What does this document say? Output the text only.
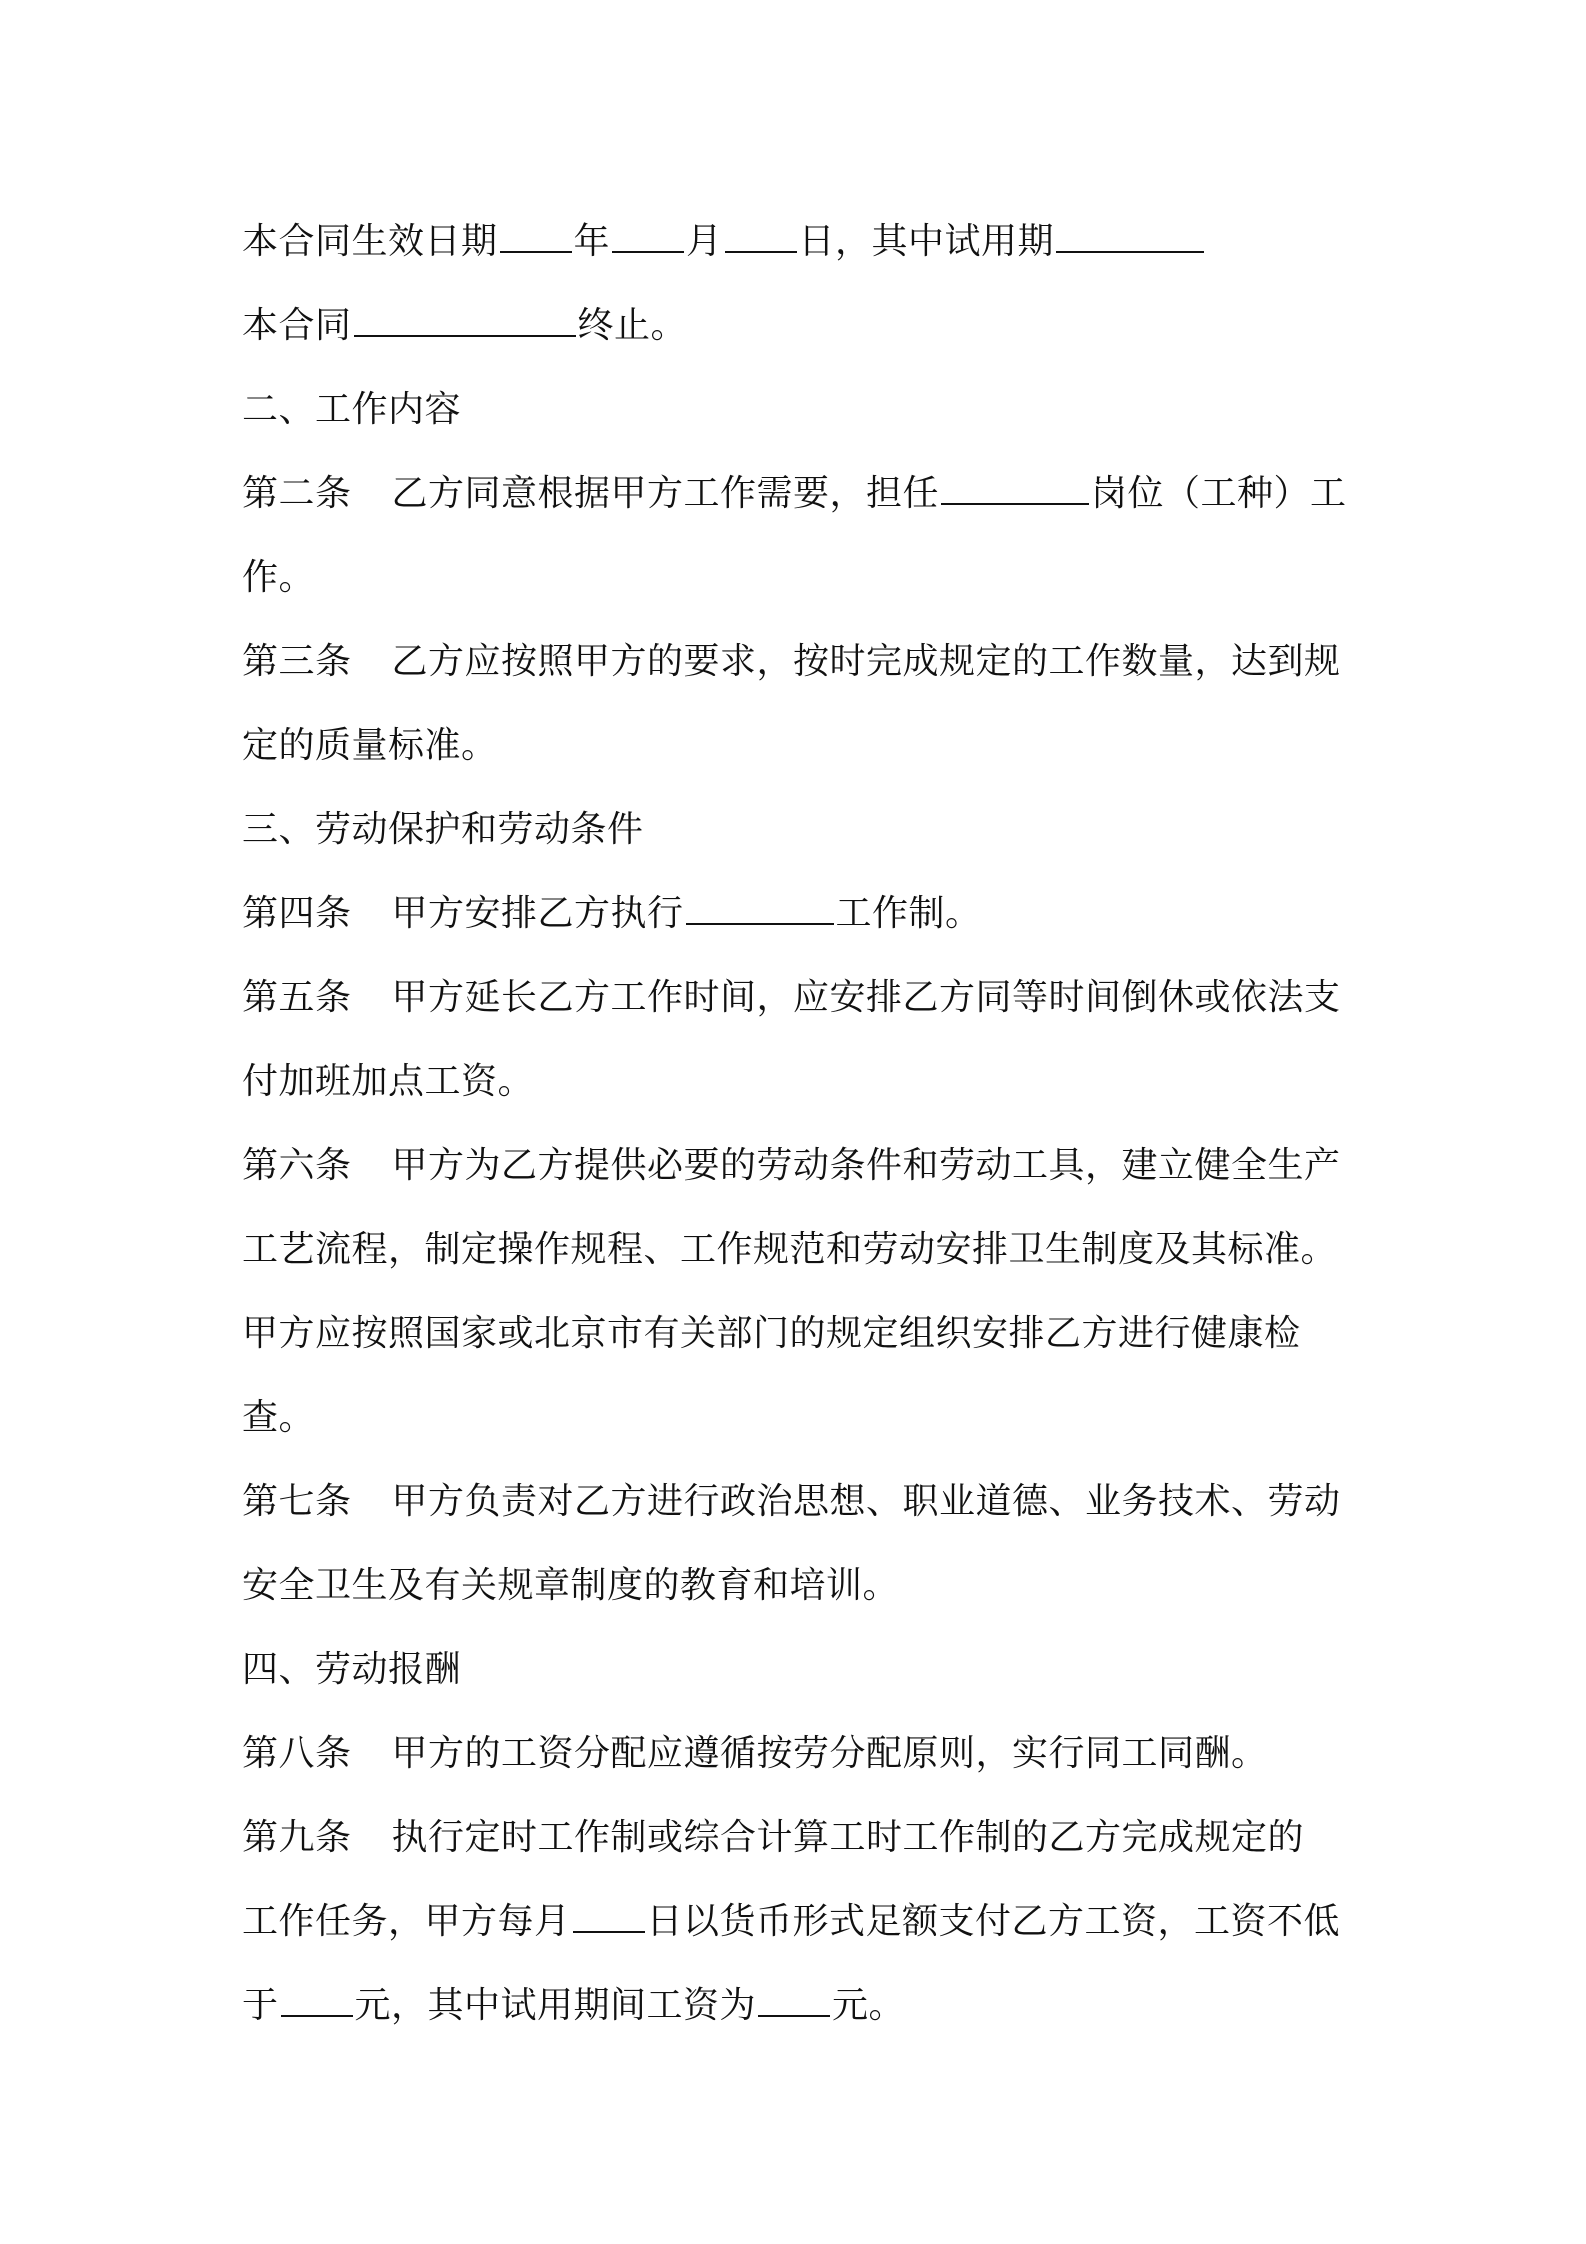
本合同生效日期 年 月 日，其中试用期
本合同	终止。
二、工作内容
第二条 乙方同意根据甲方工作需要，担任	岗位（工种）工
作。
第三条 乙方应按照甲方的要求，按时完成规定的工作数量，达到规
定的质量标准。
三、劳动保护和劳动条件
第四条 甲方安排乙方执行	工作制。
第五条 甲方延长乙方工作时间，应安排乙方同等时间倒休或依法支
付加班加点工资。
第六条 甲方为乙方提供必要的劳动条件和劳动工具，建立健全生产
工艺流程，制定操作规程、工作规范和劳动安排卫生制度及其标准。
甲方应按照国家或北京市有关部门的规定组织安排乙方进行健康检
查。
第七条 甲方负责对乙方进行政治思想、职业道德、业务技术、劳动
安全卫生及有关规章制度的教育和培训。
四、劳动报酬
第八条 甲方的工资分配应遵循按劳分配原则，实行同工同酬。
第九条 执行定时工作制或综合计算工时工作制的乙方完成规定的
工作任务，甲方每月 日以货币形式足额支付乙方工资，工资不低
于 元，其中试用期间工资为 元。
